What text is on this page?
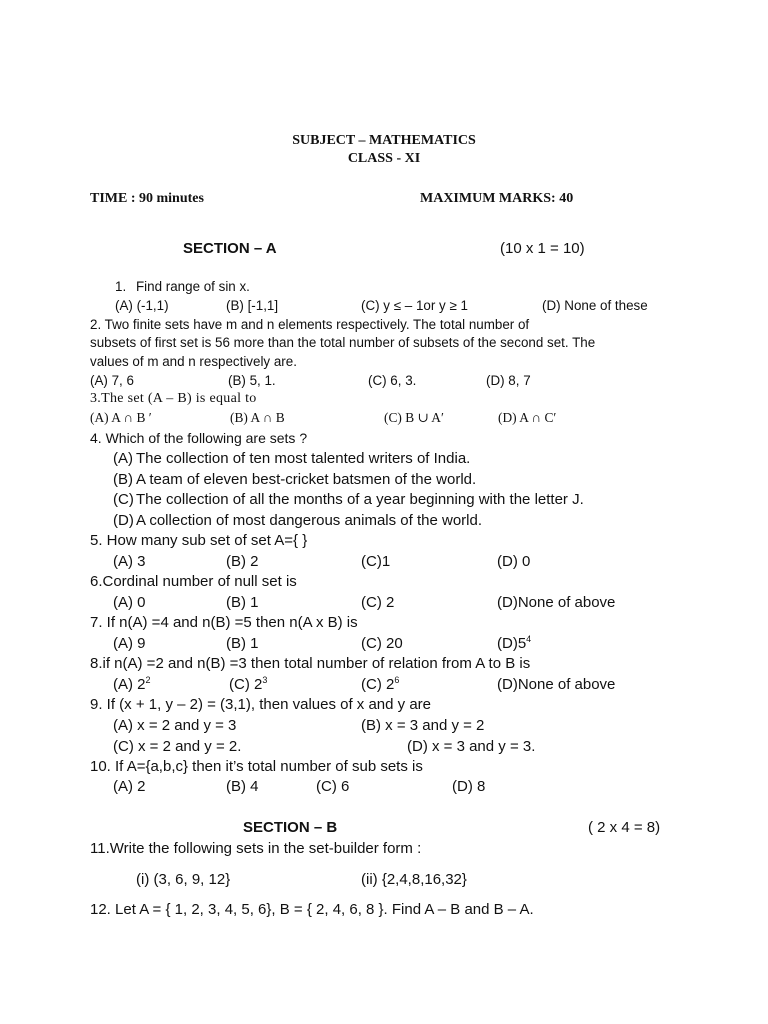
SUBJECT – MATHEMATICS
CLASS - XI
TIME : 90 minutes	MAXIMUM MARKS: 40
SECTION – A	(10 x 1 = 10)
1. Find range of sin x.
(A) (-1,1)	(B) [-1,1]	(C) y ≤ – 1or y ≥ 1	(D) None of these
2. Two finite sets have m and n elements respectively. The total number of
subsets of first set is 56 more than the total number of subsets of the second set. The
values of m and n respectively are.
(A) 7, 6	(B) 5, 1.	(C) 6, 3.	(D) 8, 7
3.The set (A – B) is equal to
(A) A ∩ B ′	(B) A ∩ B	(C) B ∪ A′	(D) A ∩ C′
4. Which of the following are sets ?
(A) The collection of ten most talented writers of India.
(B) A team of eleven best-cricket batsmen of the world.
(C) The collection of all the months of a year beginning with the letter J.
(D) A collection of most dangerous animals of the world.
5. How many sub set of set A={ }
(A) 3	(B) 2	(C)1	(D) 0
6.Cordinal number of null set is
(A) 0	(B) 1	(C) 2	(D)None of above
7. If n(A) =4 and n(B) =5 then n(A x B) is
(A) 9	(B) 1	(C) 20	$(D)5^4$
8.if n(A) =2 and n(B) =3 then total number of relation from A to B is
(A) $2^2$	(C) $2^3$	(C) $2^6$	(D)None of above
9. If (x + 1, y – 2) = (3,1), then values of x and y are
(A) x = 2 and y = 3	(B) x = 3 and y = 2
(C) x = 2 and y = 2.	(D) x = 3 and y = 3.
10. If A={a,b,c} then it’s total number of sub sets is
(A) 2	(B) 4	(C) 6	(D) 8
SECTION – B	( 2 x 4 = 8)
11.Write the following sets in the set-builder form :
(i) (3, 6, 9, 12}	(ii) {2,4,8,16,32}
12. Let A = { 1, 2, 3, 4, 5, 6}, B = { 2, 4, 6, 8 }. Find A – B and B – A.
